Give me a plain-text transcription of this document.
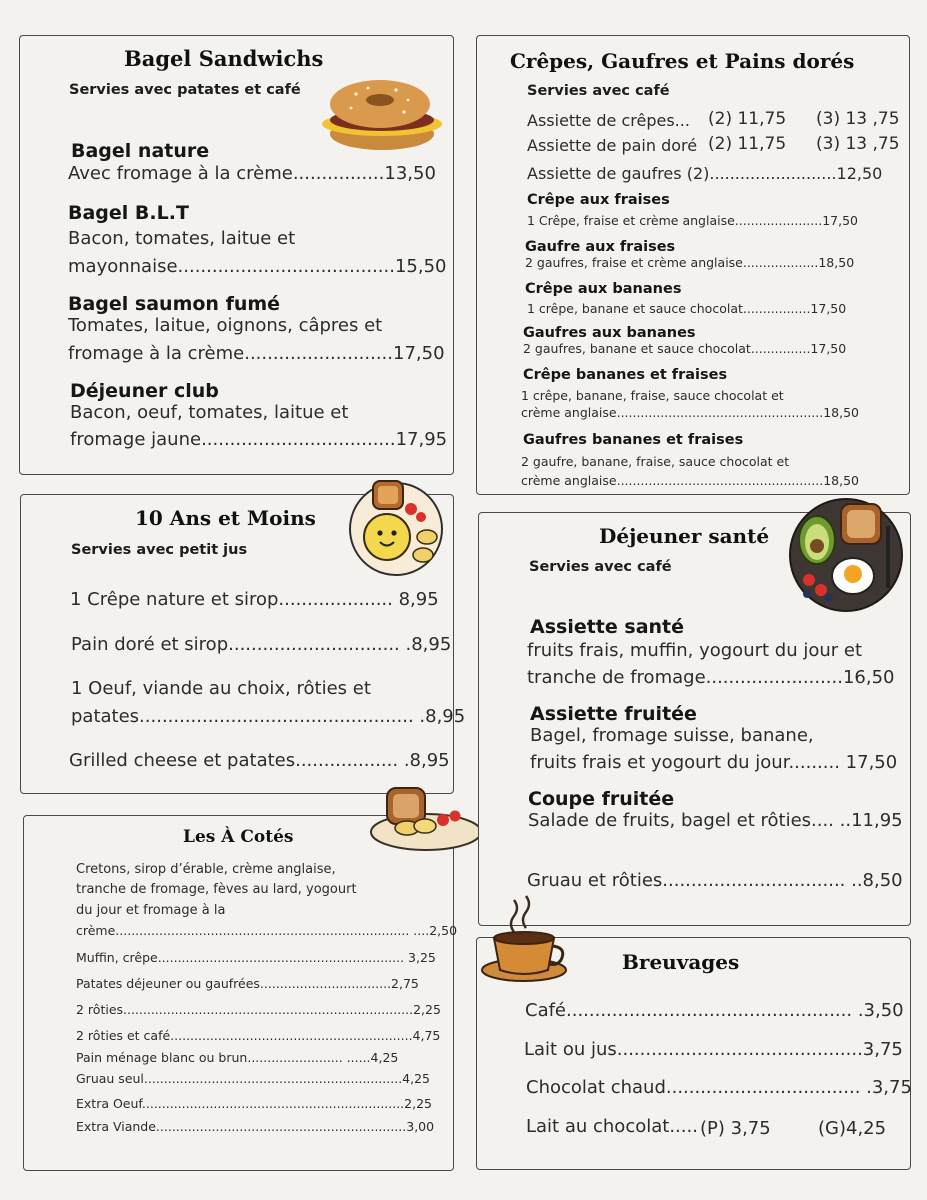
Bagel Sandwichs
Servies avec patates et café
Bagel nature
Avec fromage à la crème................13,50
Bagel B.L.T
Bacon, tomates, laitue et
mayonnaise......................................15,50
Bagel saumon fumé
Tomates, laitue, oignons, câpres et
fromage à la crème..........................17,50
Déjeuner club
Bacon, oeuf, tomates, laitue et
fromage jaune..................................17,95
Crêpes, Gaufres et Pains dorés
Servies avec café
Assiette de crêpes... (2) 11,75 (3) 13 ,75
Assiette de pain doré (2) 11,75 (3) 13 ,75
Assiette de gaufres (2).........................12,50
Crêpe aux fraises
1 Crêpe, fraise et crème anglaise......................17,50
Gaufre aux fraises
2 gaufres, fraise et crème anglaise...................18,50
Crêpe aux bananes
1 crêpe, banane et sauce chocolat.................17,50
Gaufres aux bananes
2 gaufres, banane et sauce chocolat...............17,50
Crêpe bananes et fraises
1 crêpe, banane, fraise, sauce chocolat et
crème anglaise....................................................18,50
Gaufres bananes et fraises
2 gaufre, banane, fraise, sauce chocolat et
crème anglaise....................................................18,50
10 Ans et Moins
Servies avec petit jus
1 Crêpe nature et sirop.................... 8,95
Pain doré et sirop.............................. .8,95
1 Oeuf, viande au choix, rôties et
patates................................................ .8,95
Grilled cheese et patates.................. .8,95
Les À Cotés
Cretons, sirop d’érable, crème anglaise,
tranche de fromage, fèves au lard, yogourt
du jour et fromage à la
crème.......................................................................... ....2,50
Muffin, crêpe.............................................................. 3,25
Patates déjeuner ou gaufrées.................................2,75
2 rôties.........................................................................2,25
2 rôties et café.............................................................4,75
Pain ménage blanc ou brun........................ ......4,25
Gruau seul.................................................................4,25
Extra Oeuf..................................................................2,25
Extra Viande...............................................................3,00
Déjeuner santé
Servies avec café
Assiette santé
fruits frais, muffin, yogourt du jour et
tranche de fromage........................16,50
Assiette fruitée
Bagel, fromage suisse, banane,
fruits frais et yogourt du jour......... 17,50
Coupe fruitée
Salade de fruits, bagel et rôties.... ..11,95
Gruau et rôties................................ ..8,50
Breuvages
Café.................................................. .3,50
Lait ou jus...........................................3,75
Chocolat chaud.................................. .3,75
Lait au chocolat..... (P) 3,75	(G)4,25
